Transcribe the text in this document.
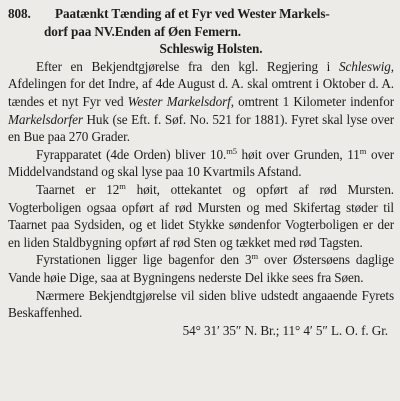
808. Paatænkt Tænding af et Fyr ved Wester Markels-
dorf paa NV.Enden af Øen Femern.
Schleswig Holsten.

Efter en Bekjendtgjørelse fra den kgl. Regjering i Schleswig, Afdelingen for det Indre, af 4de August d. A. skal omtrent i Oktober d. A. tændes et nyt Fyr ved Wester Markelsdorf, omtrent 1 Kilometer indenfor Markelsdorfer Huk (se Eft. f. Søf. No. 521 for 1881). Fyret skal lyse over en Bue paa 270 Grader.

Fyrapparatet (4de Orden) bliver 10.$^{m5}$ høit over Grunden, 11$^m$ over Middelvandstand og skal lyse paa 10 Kvartmils Afstand.

Taarnet er 12$^m$ høit, ottekantet og opført af rød Mursten. Vogterboligen ogsaa opført af rød Mursten og med Skifertag støder til Taarnet paa Sydsiden, og et lidet Stykke søndenfor Vogterboligen er der en liden Staldbygning opført af rød Sten og tækket med rød Tagsten.

Fyrstationen ligger lige bagenfor den 3$^m$ over Østersøens daglige Vande høie Dige, saa at Bygningens nederste Del ikke sees fra Søen.

Nærmere Bekjendtgjørelse vil siden blive udstedt angaaende Fyrets Beskaffenhed.

54° 31′ 35″ N. Br.; 11° 4′ 5″ L. O. f. Gr.
